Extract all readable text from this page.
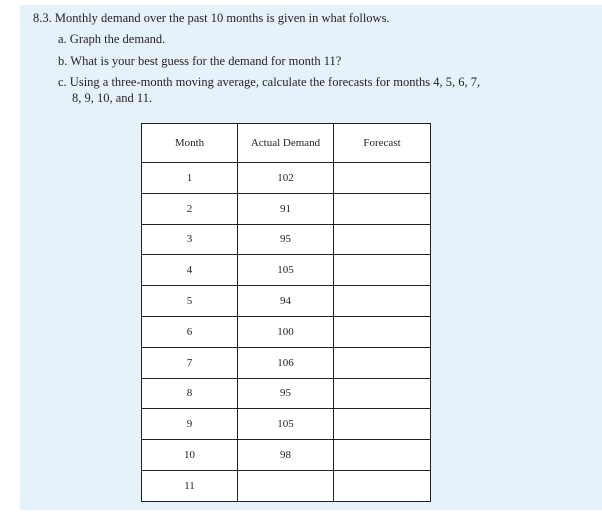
8.3. Monthly demand over the past 10 months is given in what follows.
a. Graph the demand.
b. What is your best guess for the demand for month 11?
c. Using a three-month moving average, calculate the forecasts for months 4, 5, 6, 7,
8, 9, 10, and 11.
Month	Actual Demand	Forecast
1	102	
2	91	
3	95	
4	105	
5	94	
6	100	
7	106	
8	95	
9	105	
10	98	
11		
